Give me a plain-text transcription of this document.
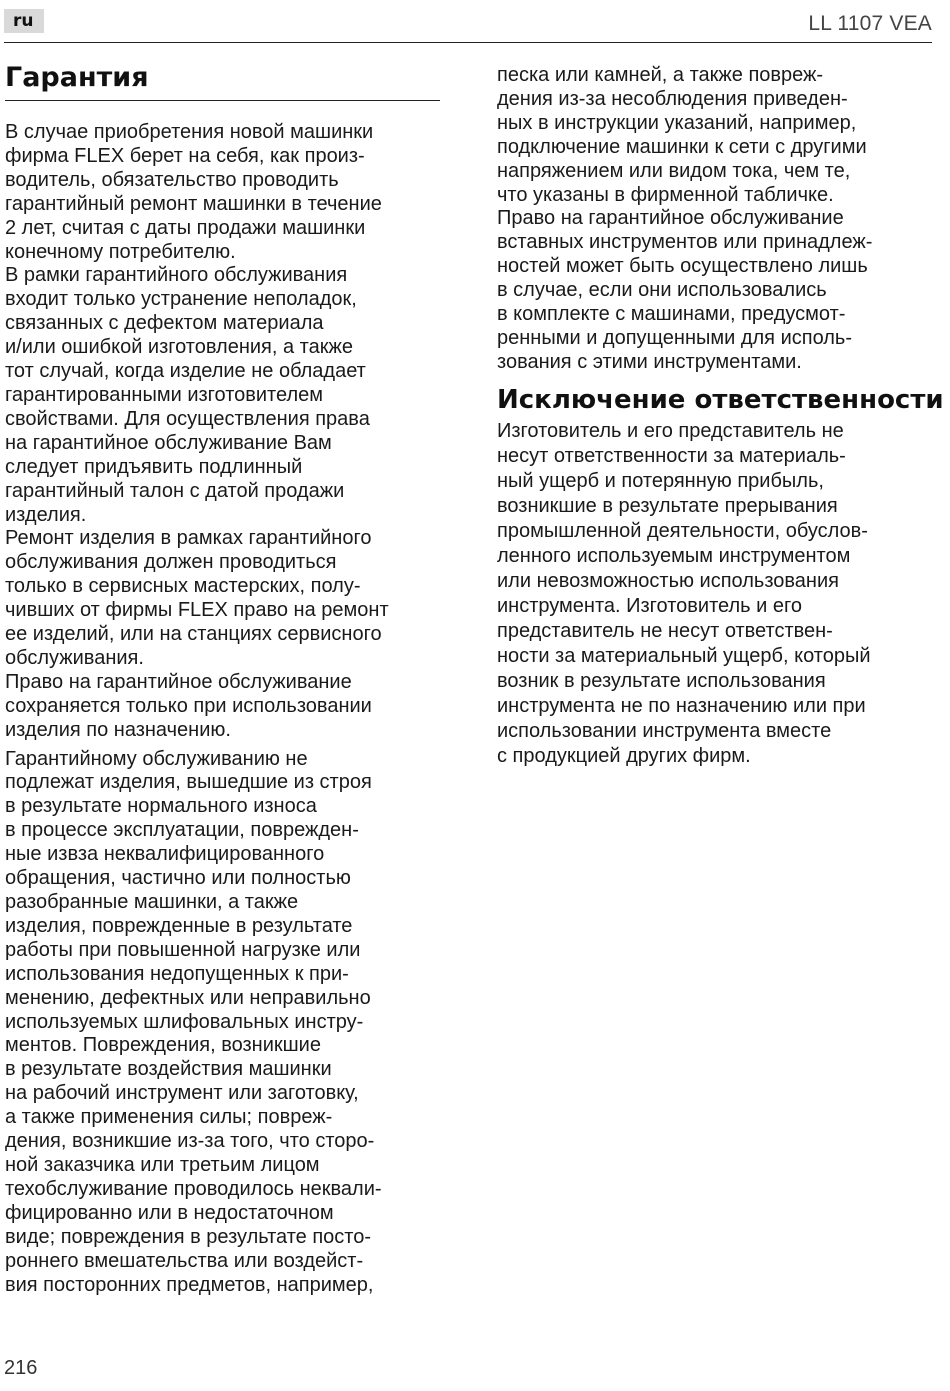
ru	LL 1107 VEA
Гарантия

В случае приобретения новой машинки
фирма FLEX берет на себя, как произ-
водитель, обязательство проводить
гарантийный ремонт машинки в течение
2 лет, считая с даты продажи машинки
конечному потребителю.

В рамки гарантийного обслуживания
входит только устранение неполадок,
связанных с дефектом материала
и/или ошибкой изготовления, а также
тот случай, когда изделие не обладает
гарантированными изготовителем
свойствами. Для осуществления права
на гарантийное обслуживание Вам
следует придъявить подлинный
гарантийный талон с датой продажи
изделия.

Ремонт изделия в рамках гарантийного
обслуживания должен проводиться
только в сервисных мастерских, полу-
чивших от фирмы FLEX право на ремонт
ее изделий, или на станциях сервисного
обслуживания.

Право на гарантийное обслуживание
сохраняется только при использовании
изделия по назначению.

Гарантийному обслуживанию не
подлежат изделия, вышедшие из строя
в результате нормального износа
в процессе эксплуатации, поврежден-
ные извза неквалифицированного
обращения, частично или полностью
разобранные машинки, а также
изделия, поврежденные в результате
работы при повышенной нагрузке или
использования недопущенных к при-
менению, дефектных или неправильно
используемых шлифовальных инстру-
ментов. Повреждения, возникшие
в результате воздействия машинки
на рабочий инструмент или заготовку,
а также применения силы; повреж-
дения, возникшие из-за того, что сторо-
ной заказчика или третьим лицом
техобслуживание проводилось неквали-
фицированно или в недостаточном
виде; повреждения в результате посто-
роннего вмешательства или воздейст-
вия посторонних предметов, например,

песка или камней, а также повреж-
дения из-за несоблюдения приведен-
ных в инструкции указаний, например,
подключение машинки к сети с другими
напряжением или видом тока, чем те,
что указаны в фирменной табличке.

Право на гарантийное обслуживание
вставных инструментов или принадлеж-
ностей может быть осуществлено лишь
в случае, если они использовались
в комплекте с машинами, предусмот-
ренными и допущенными для исполь-
зования с этими инструментами.

Исключение ответственности

Изготовитель и его представитель не
несут ответственности за материаль-
ный ущерб и потерянную прибыль,
возникшие в результате прерывания
промышленной деятельности, обуслов-
ленного используемым инструментом
или невозможностью использования
инструмента. Изготовитель и его
представитель не несут ответствен-
ности за материальный ущерб, который
возник в результате использования
инструмента не по назначению или при
использовании инструмента вместе
с продукцией других фирм.

216
